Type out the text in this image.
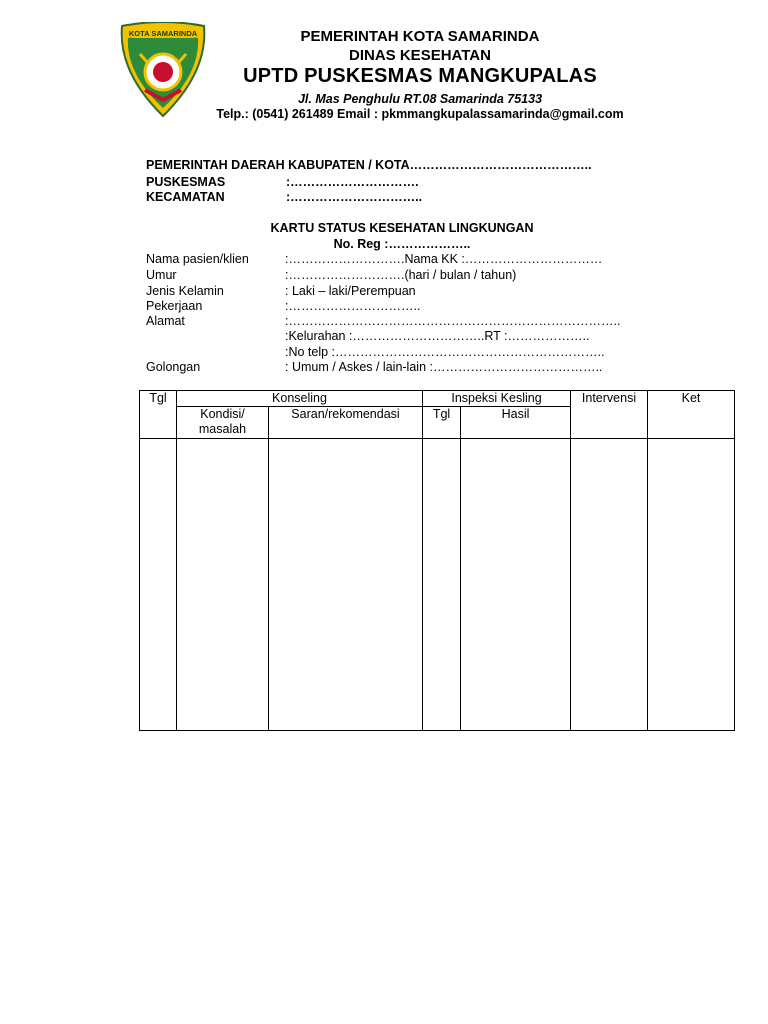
KOTA SAMARINDA	PEMERINTAH KOTA SAMARINDA
DINAS KESEHATAN
UPTD PUSKESMAS MANGKUPALAS
Jl. Mas Penghulu RT.08 Samarinda 75133
Telp.: (0541) 261489 Email : pkmmangkupalassamarinda@gmail.com
PEMERINTAH DAERAH KABUPATEN / KOTA……………………………………..
PUSKESMAS	:………………………….
KECAMATAN	:…………………………..
KARTU STATUS KESEHATAN LINGKUNGAN
No. Reg :………………..
Nama pasien/klien	:……………………….Nama KK :……………………………
Umur	:……………………….(hari / bulan / tahun)
Jenis Kelamin	: Laki – laki/Perempuan
Pekerjaan	:…………………………..
Alamat	:……………………………………………………………………..
:Kelurahan :…………………………..RT :………………..
:No telp :………………………………………………………..
Golongan	: Umum / Askes / lain-lain :…………………………………..
Tgl	Konseling		Inspeksi Kesling		Intervensi	Ket
	Kondisi/ masalah	Saran/rekomendasi	Tgl	Hasil		
